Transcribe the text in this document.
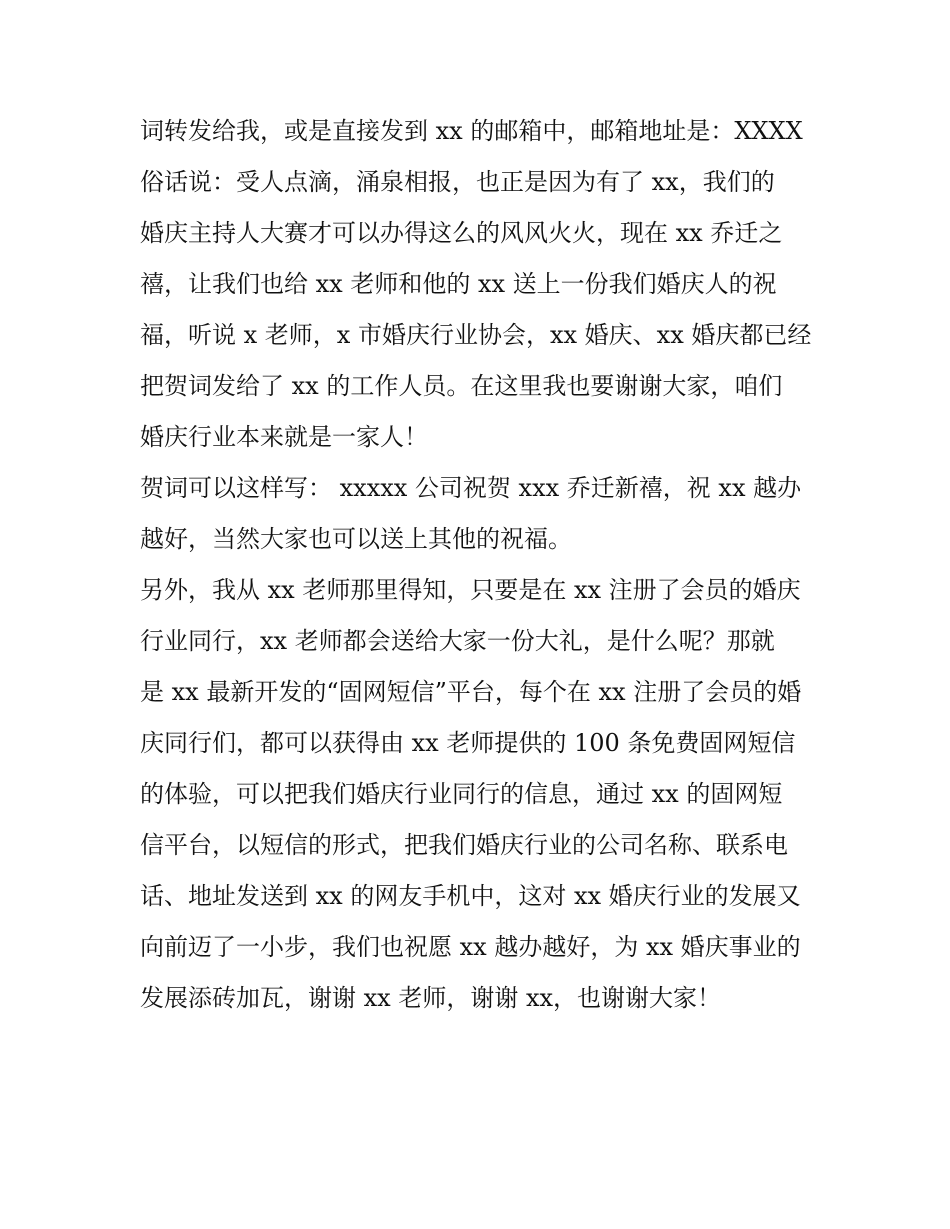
词转发给我，或是直接发到 xx 的邮箱中，邮箱地址是：XXXX
俗话说：受人点滴，涌泉相报，也正是因为有了 xx，我们的
婚庆主持人大赛才可以办得这么的风风火火，现在 xx 乔迁之
禧，让我们也给 xx 老师和他的 xx 送上一份我们婚庆人的祝
福，听说 x 老师，x 市婚庆行业协会，xx 婚庆、xx 婚庆都已经
把贺词发给了 xx 的工作人员。在这里我也要谢谢大家，咱们
婚庆行业本来就是一家人！
贺词可以这样写： xxxxx 公司祝贺 xxx 乔迁新禧，祝 xx 越办
越好，当然大家也可以送上其他的祝福。
另外，我从 xx 老师那里得知，只要是在 xx 注册了会员的婚庆
行业同行，xx 老师都会送给大家一份大礼，是什么呢？那就
是 xx 最新开发的“固网短信”平台，每个在 xx 注册了会员的婚
庆同行们，都可以获得由 xx 老师提供的 100 条免费固网短信
的体验，可以把我们婚庆行业同行的信息，通过 xx 的固网短
信平台，以短信的形式，把我们婚庆行业的公司名称、联系电
话、地址发送到 xx 的网友手机中，这对 xx 婚庆行业的发展又
向前迈了一小步，我们也祝愿 xx 越办越好，为 xx 婚庆事业的
发展添砖加瓦，谢谢 xx 老师，谢谢 xx，也谢谢大家！
